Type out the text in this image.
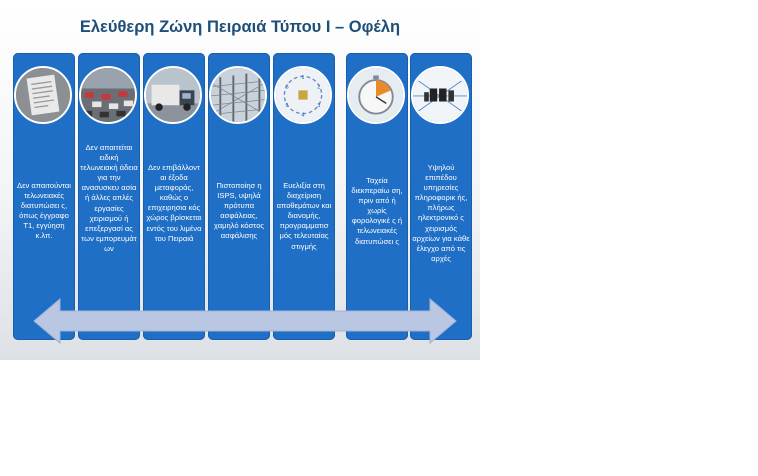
Ελεύθερη Ζώνη Πειραιά Τύπου Ι – Οφέλη
Δεν απαιτούνται τελωνειακές διατυπώσει ς, όπως έγγραφο Τ1, εγγύηση κ.λπ.
Δεν απαιτείται ειδική τελωνειακή άδεια για την ανασυσκευ ασία ή άλλες απλές εργασίες χειρισμού ή επεξεργασί ας των εμπορευμάτ ων
Δεν επιβάλλοντ αι έξοδα μεταφοράς, καθώς ο επιχειρησια κός χώρος βρίσκεται εντός του λιμένα του Πειραιά
Πιστοποίησ η ISPS, υψηλά πρότυπα ασφάλειας, χαμηλό κόστος ασφάλισης
1
2
3
4
5
6
Ευελιξία στη διαχείριση αποθεμάτων και διανομής, προγραμματισ μός τελευταίας στιγμής
Ταχεία διεκπεραίω ση, πριν από ή χωρίς φορολογικέ ς ή τελωνειακές διατυπώσει ς
Υψηλού επιπέδου υπηρεσίες πληροφορικ ής, πλήρως ηλεκτρονικό ς χειρισμός αρχείων για κάθε έλεγχο από τις αρχές
